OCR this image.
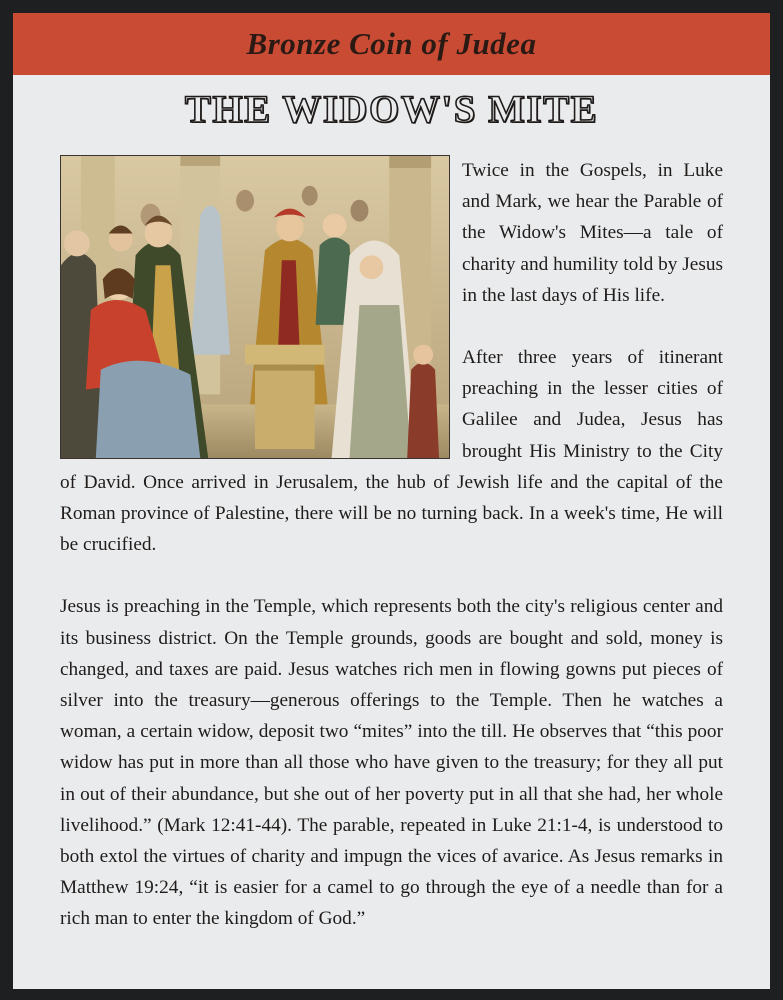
Bronze Coin of Judea
THE WIDOW'S MITE

Twice in the Gospels, in Luke and Mark, we hear the Parable of the Widow's Mites—a tale of charity and humility told by Jesus in the last days of His life.

After three years of itinerant preaching in the lesser cities of Galilee and Judea, Jesus has brought His Ministry to the City of David. Once arrived in Jerusalem, the hub of Jewish life and the capital of the Roman province of Palestine, there will be no turning back. In a week's time, He will be crucified.

Jesus is preaching in the Temple, which represents both the city's religious center and its business district. On the Temple grounds, goods are bought and sold, money is changed, and taxes are paid. Jesus watches rich men in flowing gowns put pieces of silver into the treasury—generous offerings to the Temple. Then he watches a woman, a certain widow, deposit two “mites” into the till. He observes that “this poor widow has put in more than all those who have given to the treasury; for they all put in out of their abundance, but she out of her poverty put in all that she had, her whole livelihood.” (Mark 12:41-44). The parable, repeated in Luke 21:1-4, is understood to both extol the virtues of charity and impugn the vices of avarice. As Jesus remarks in Matthew 19:24, “it is easier for a camel to go through the eye of a needle than for a rich man to enter the kingdom of God.”
